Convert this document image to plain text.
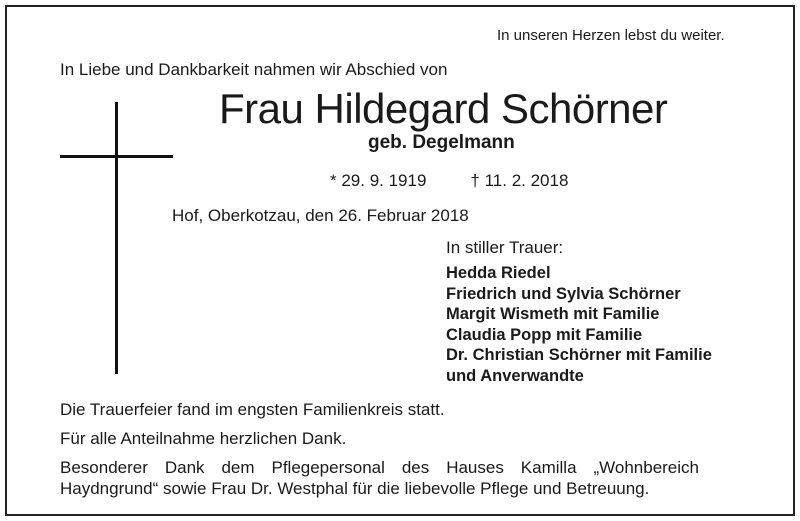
In unseren Herzen lebst du weiter.
In Liebe und Dankbarkeit nahmen wir Abschied von
Frau Hildegard Schörner
geb. Degelmann
* 29. 9. 1919	† 11. 2. 2018
Hof, Oberkotzau, den 26. Februar 2018
In stiller Trauer:
Hedda Riedel
Friedrich und Sylvia Schörner
Margit Wismeth mit Familie
Claudia Popp mit Familie
Dr. Christian Schörner mit Familie
und Anverwandte
Die Trauerfeier fand im engsten Familienkreis statt.
Für alle Anteilnahme herzlichen Dank.
Besonderer Dank dem Pflegepersonal des Hauses Kamilla „Wohnbereich
Haydngrund“ sowie Frau Dr. Westphal für die liebevolle Pflege und Betreuung.
